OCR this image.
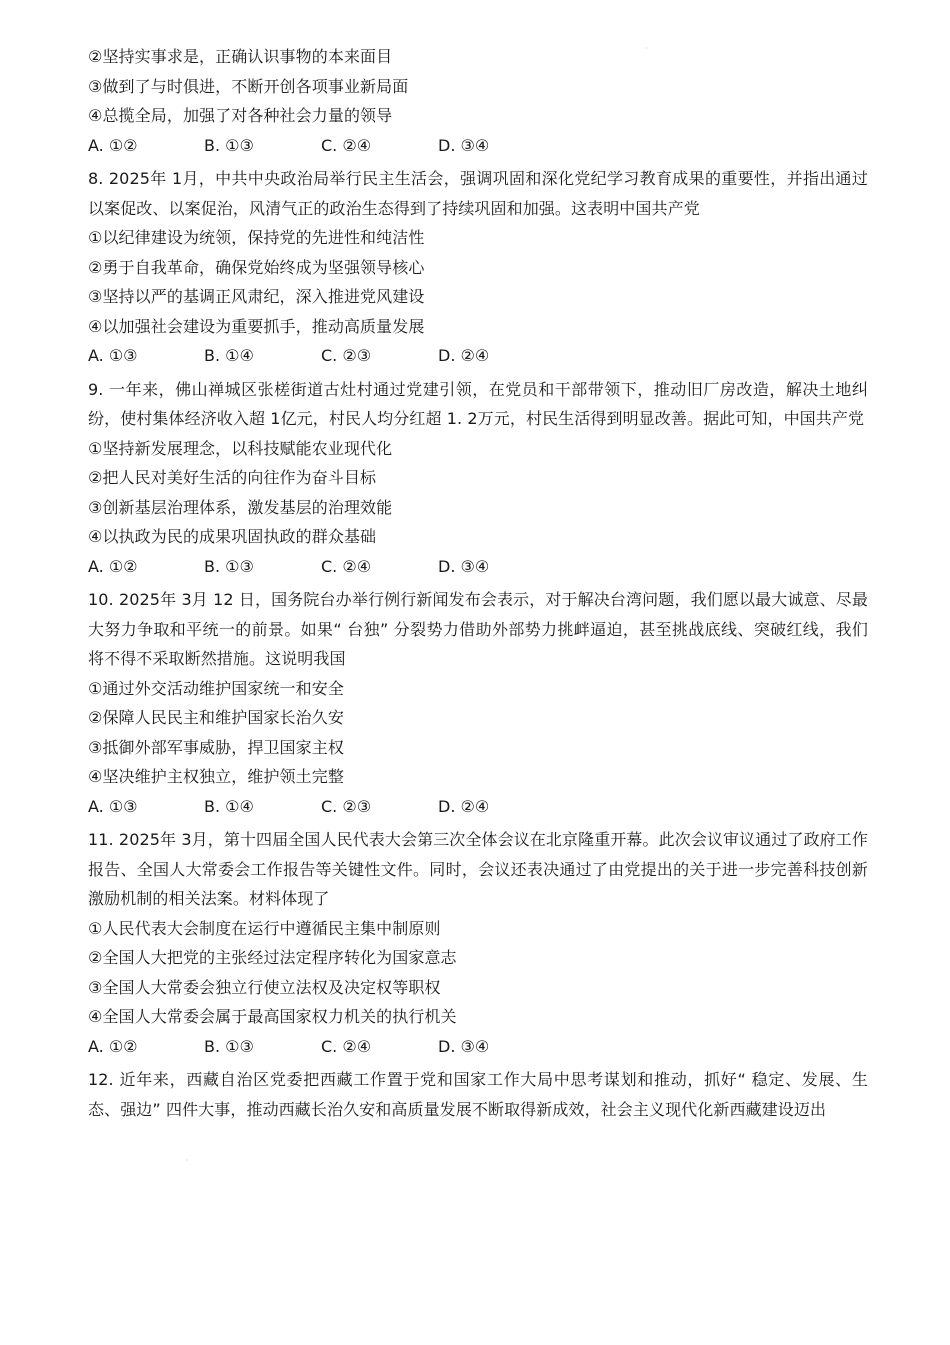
②坚持实事求是，正确认识事物的本来面目
③做到了与时俱进，不断开创各项事业新局面
④总揽全局，加强了对各种社会力量的领导
A. ①②	B. ①③	C. ②④	D. ③④
8. 2025年 1月，中共中央政治局举行民主生活会，强调巩固和深化党纪学习教育成果的重要性，并指出通过以案促改、以案促治，风清气正的政治生态得到了持续巩固和加强。这表明中国共产党
①以纪律建设为统领，保持党的先进性和纯洁性
②勇于自我革命，确保党始终成为坚强领导核心
③坚持以严的基调正风肃纪，深入推进党风建设
④以加强社会建设为重要抓手，推动高质量发展
A. ①③	B. ①④	C. ②③	D. ②④
9. 一年来，佛山禅城区张槎街道古灶村通过党建引领，在党员和干部带领下，推动旧厂房改造，解决土地纠纷，使村集体经济收入超 1亿元，村民人均分红超 1. 2万元，村民生活得到明显改善。据此可知，中国共产党
①坚持新发展理念，以科技赋能农业现代化
②把人民对美好生活的向往作为奋斗目标
③创新基层治理体系，激发基层的治理效能
④以执政为民的成果巩固执政的群众基础
A. ①②	B. ①③	C. ②④	D. ③④
10. 2025年 3月 12 日，国务院台办举行例行新闻发布会表示，对于解决台湾问题，我们愿以最大诚意、尽最大努力争取和平统一的前景。如果“ 台独” 分裂势力借助外部势力挑衅逼迫，甚至挑战底线、突破红线，我们将不得不采取断然措施。这说明我国
①通过外交活动维护国家统一和安全
②保障人民民主和维护国家长治久安
③抵御外部军事威胁，捍卫国家主权
④坚决维护主权独立，维护领土完整
A. ①③	B. ①④	C. ②③	D. ②④
11. 2025年 3月，第十四届全国人民代表大会第三次全体会议在北京隆重开幕。此次会议审议通过了政府工作报告、全国人大常委会工作报告等关键性文件。同时，会议还表决通过了由党提出的关于进一步完善科技创新激励机制的相关法案。材料体现了
①人民代表大会制度在运行中遵循民主集中制原则
②全国人大把党的主张经过法定程序转化为国家意志
③全国人大常委会独立行使立法权及决定权等职权
④全国人大常委会属于最高国家权力机关的执行机关
A. ①②	B. ①③	C. ②④	D. ③④
12. 近年来，西藏自治区党委把西藏工作置于党和国家工作大局中思考谋划和推动，抓好“ 稳定、发展、生态、强边” 四件大事，推动西藏长治久安和高质量发展不断取得新成效，社会主义现代化新西藏建设迈出
·
·
